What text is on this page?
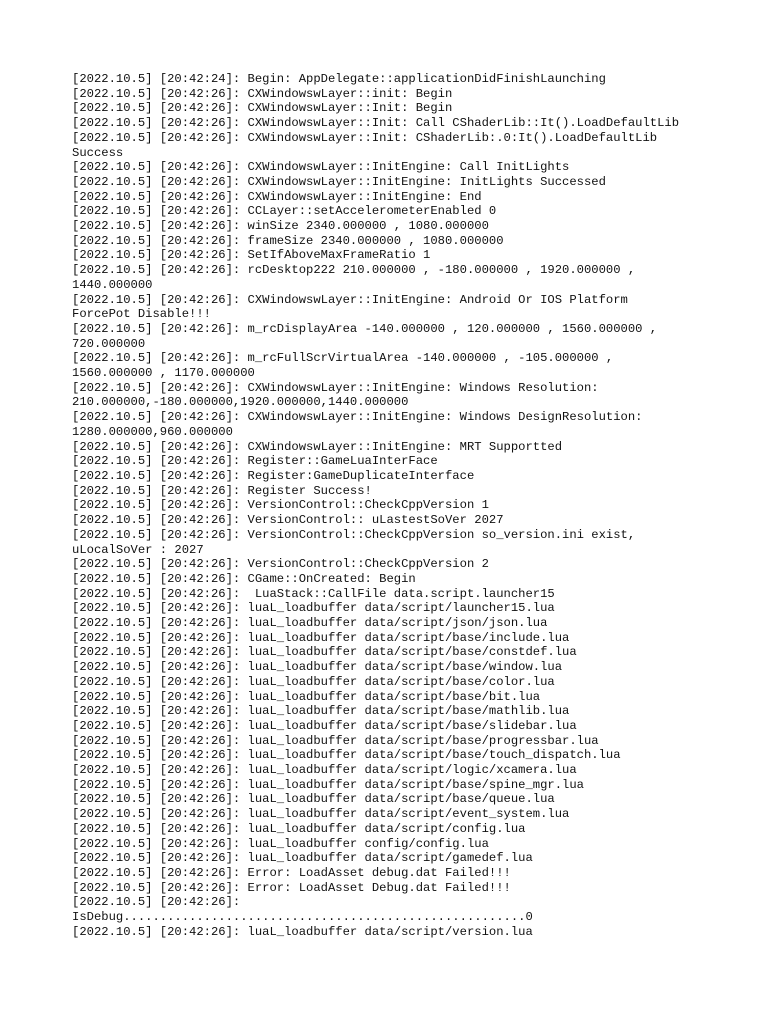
[2022.10.5] [20:42:24]: Begin: AppDelegate::applicationDidFinishLaunching
[2022.10.5] [20:42:26]: CXWindowswLayer::init: Begin
[2022.10.5] [20:42:26]: CXWindowswLayer::Init: Begin
[2022.10.5] [20:42:26]: CXWindowswLayer::Init: Call CShaderLib::It().LoadDefaultLib
[2022.10.5] [20:42:26]: CXWindowswLayer::Init: CShaderLib:.0:It().LoadDefaultLib
Success
[2022.10.5] [20:42:26]: CXWindowswLayer::InitEngine: Call InitLights
[2022.10.5] [20:42:26]: CXWindowswLayer::InitEngine: InitLights Successed
[2022.10.5] [20:42:26]: CXWindowswLayer::InitEngine: End
[2022.10.5] [20:42:26]: CCLayer::setAccelerometerEnabled 0
[2022.10.5] [20:42:26]: winSize 2340.000000 , 1080.000000
[2022.10.5] [20:42:26]: frameSize 2340.000000 , 1080.000000
[2022.10.5] [20:42:26]: SetIfAboveMaxFrameRatio 1
[2022.10.5] [20:42:26]: rcDesktop222 210.000000 , -180.000000 , 1920.000000 ,
1440.000000
[2022.10.5] [20:42:26]: CXWindowswLayer::InitEngine: Android Or IOS Platform
ForcePot Disable!!!
[2022.10.5] [20:42:26]: m_rcDisplayArea -140.000000 , 120.000000 , 1560.000000 ,
720.000000
[2022.10.5] [20:42:26]: m_rcFullScrVirtualArea -140.000000 , -105.000000 ,
1560.000000 , 1170.000000
[2022.10.5] [20:42:26]: CXWindowswLayer::InitEngine: Windows Resolution:
210.000000,-180.000000,1920.000000,1440.000000
[2022.10.5] [20:42:26]: CXWindowswLayer::InitEngine: Windows DesignResolution:
1280.000000,960.000000
[2022.10.5] [20:42:26]: CXWindowswLayer::InitEngine: MRT Supportted
[2022.10.5] [20:42:26]: Register::GameLuaInterFace
[2022.10.5] [20:42:26]: Register:GameDuplicateInterface
[2022.10.5] [20:42:26]: Register Success!
[2022.10.5] [20:42:26]: VersionControl::CheckCppVersion 1
[2022.10.5] [20:42:26]: VersionControl:: uLastestSoVer 2027
[2022.10.5] [20:42:26]: VersionControl::CheckCppVersion so_version.ini exist,
uLocalSoVer : 2027
[2022.10.5] [20:42:26]: VersionControl::CheckCppVersion 2
[2022.10.5] [20:42:26]: CGame::OnCreated: Begin
[2022.10.5] [20:42:26]:  LuaStack::CallFile data.script.launcher15
[2022.10.5] [20:42:26]: luaL_loadbuffer data/script/launcher15.lua
[2022.10.5] [20:42:26]: luaL_loadbuffer data/script/json/json.lua
[2022.10.5] [20:42:26]: luaL_loadbuffer data/script/base/include.lua
[2022.10.5] [20:42:26]: luaL_loadbuffer data/script/base/constdef.lua
[2022.10.5] [20:42:26]: luaL_loadbuffer data/script/base/window.lua
[2022.10.5] [20:42:26]: luaL_loadbuffer data/script/base/color.lua
[2022.10.5] [20:42:26]: luaL_loadbuffer data/script/base/bit.lua
[2022.10.5] [20:42:26]: luaL_loadbuffer data/script/base/mathlib.lua
[2022.10.5] [20:42:26]: luaL_loadbuffer data/script/base/slidebar.lua
[2022.10.5] [20:42:26]: luaL_loadbuffer data/script/base/progressbar.lua
[2022.10.5] [20:42:26]: luaL_loadbuffer data/script/base/touch_dispatch.lua
[2022.10.5] [20:42:26]: luaL_loadbuffer data/script/logic/xcamera.lua
[2022.10.5] [20:42:26]: luaL_loadbuffer data/script/base/spine_mgr.lua
[2022.10.5] [20:42:26]: luaL_loadbuffer data/script/base/queue.lua
[2022.10.5] [20:42:26]: luaL_loadbuffer data/script/event_system.lua
[2022.10.5] [20:42:26]: luaL_loadbuffer data/script/config.lua
[2022.10.5] [20:42:26]: luaL_loadbuffer config/config.lua
[2022.10.5] [20:42:26]: luaL_loadbuffer data/script/gamedef.lua
[2022.10.5] [20:42:26]: Error: LoadAsset debug.dat Failed!!!
[2022.10.5] [20:42:26]: Error: LoadAsset Debug.dat Failed!!!
[2022.10.5] [20:42:26]:
IsDebug.......................................................0
[2022.10.5] [20:42:26]: luaL_loadbuffer data/script/version.lua
